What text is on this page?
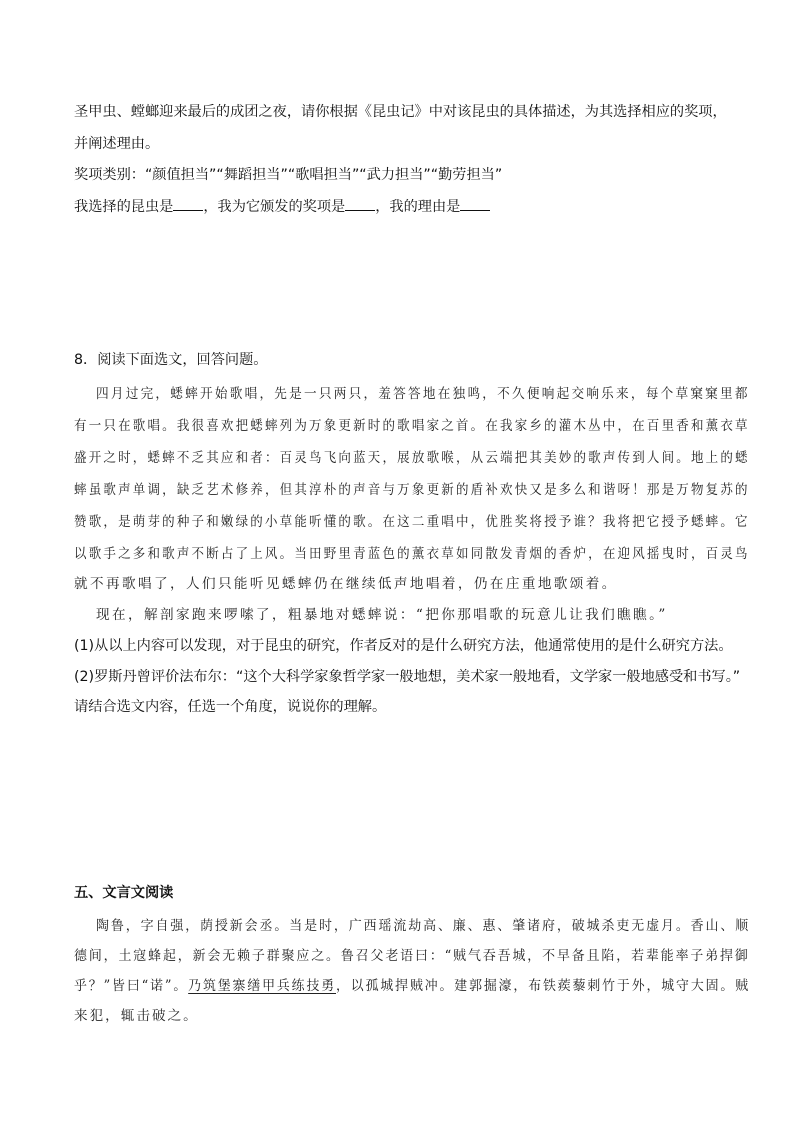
圣甲虫、螳螂迎来最后的成团之夜，请你根据《昆虫记》中对该昆虫的具体描述，为其选择相应的奖项，
并阐述理由。
奖项类别：“颜值担当”“舞蹈担当”“歌唱担当”“武力担当”“勤劳担当”
我选择的昆虫是 ，我为它颁发的奖项是 ，我的理由是
8．阅读下面选文，回答问题。
四月过完，蟋蟀开始歌唱，先是一只两只，羞答答地在独鸣，不久便响起交响乐来，每个草窠窠里都
有一只在歌唱。我很喜欢把蟋蟀列为万象更新时的歌唱家之首。在我家乡的灌木丛中，在百里香和薰衣草
盛开之时，蟋蟀不乏其应和者：百灵鸟飞向蓝天，展放歌喉，从云端把其美妙的歌声传到人间。地上的蟋
蟀虽歌声单调，缺乏艺术修养，但其淳朴的声音与万象更新的盾补欢快又是多么和谐呀！那是万物复苏的
赞歌，是萌芽的种子和嫩绿的小草能听懂的歌。在这二重唱中，优胜奖将授予谁？我将把它授予蟋蟀。它
以歌手之多和歌声不断占了上风。当田野里青蓝色的薰衣草如同散发青烟的香炉，在迎风摇曳时，百灵鸟
就不再歌唱了，人们只能听见蟋蟀仍在继续低声地唱着，仍在庄重地歌颂着。
现在，解剖家跑来啰嗦了，粗暴地对蟋蟀说：“把你那唱歌的玩意儿让我们瞧瞧。”
(1)从以上内容可以发现，对于昆虫的研究，作者反对的是什么研究方法，他通常使用的是什么研究方法。
(2)罗斯丹曾评价法布尔：“这个大科学家象哲学家一般地想，美术家一般地看，文学家一般地感受和书写。”
请结合选文内容，任选一个角度，说说你的理解。
五、文言文阅读
陶鲁，字自强，荫授新会丞。当是时，广西瑶流劫高、廉、惠、肇诸府，破城杀吏无虚月。香山、顺
德间，土寇蜂起，新会无赖子群聚应之。鲁召父老语曰：“贼气吞吾城，不早备且陷，若辈能率子弟捍御
乎？”皆曰“诺”。乃筑堡寨缮甲兵练技勇，以孤城捍贼冲。建郭掘濠，布铁蒺藜刺竹于外，城守大固。贼
来犯，辄击破之。
